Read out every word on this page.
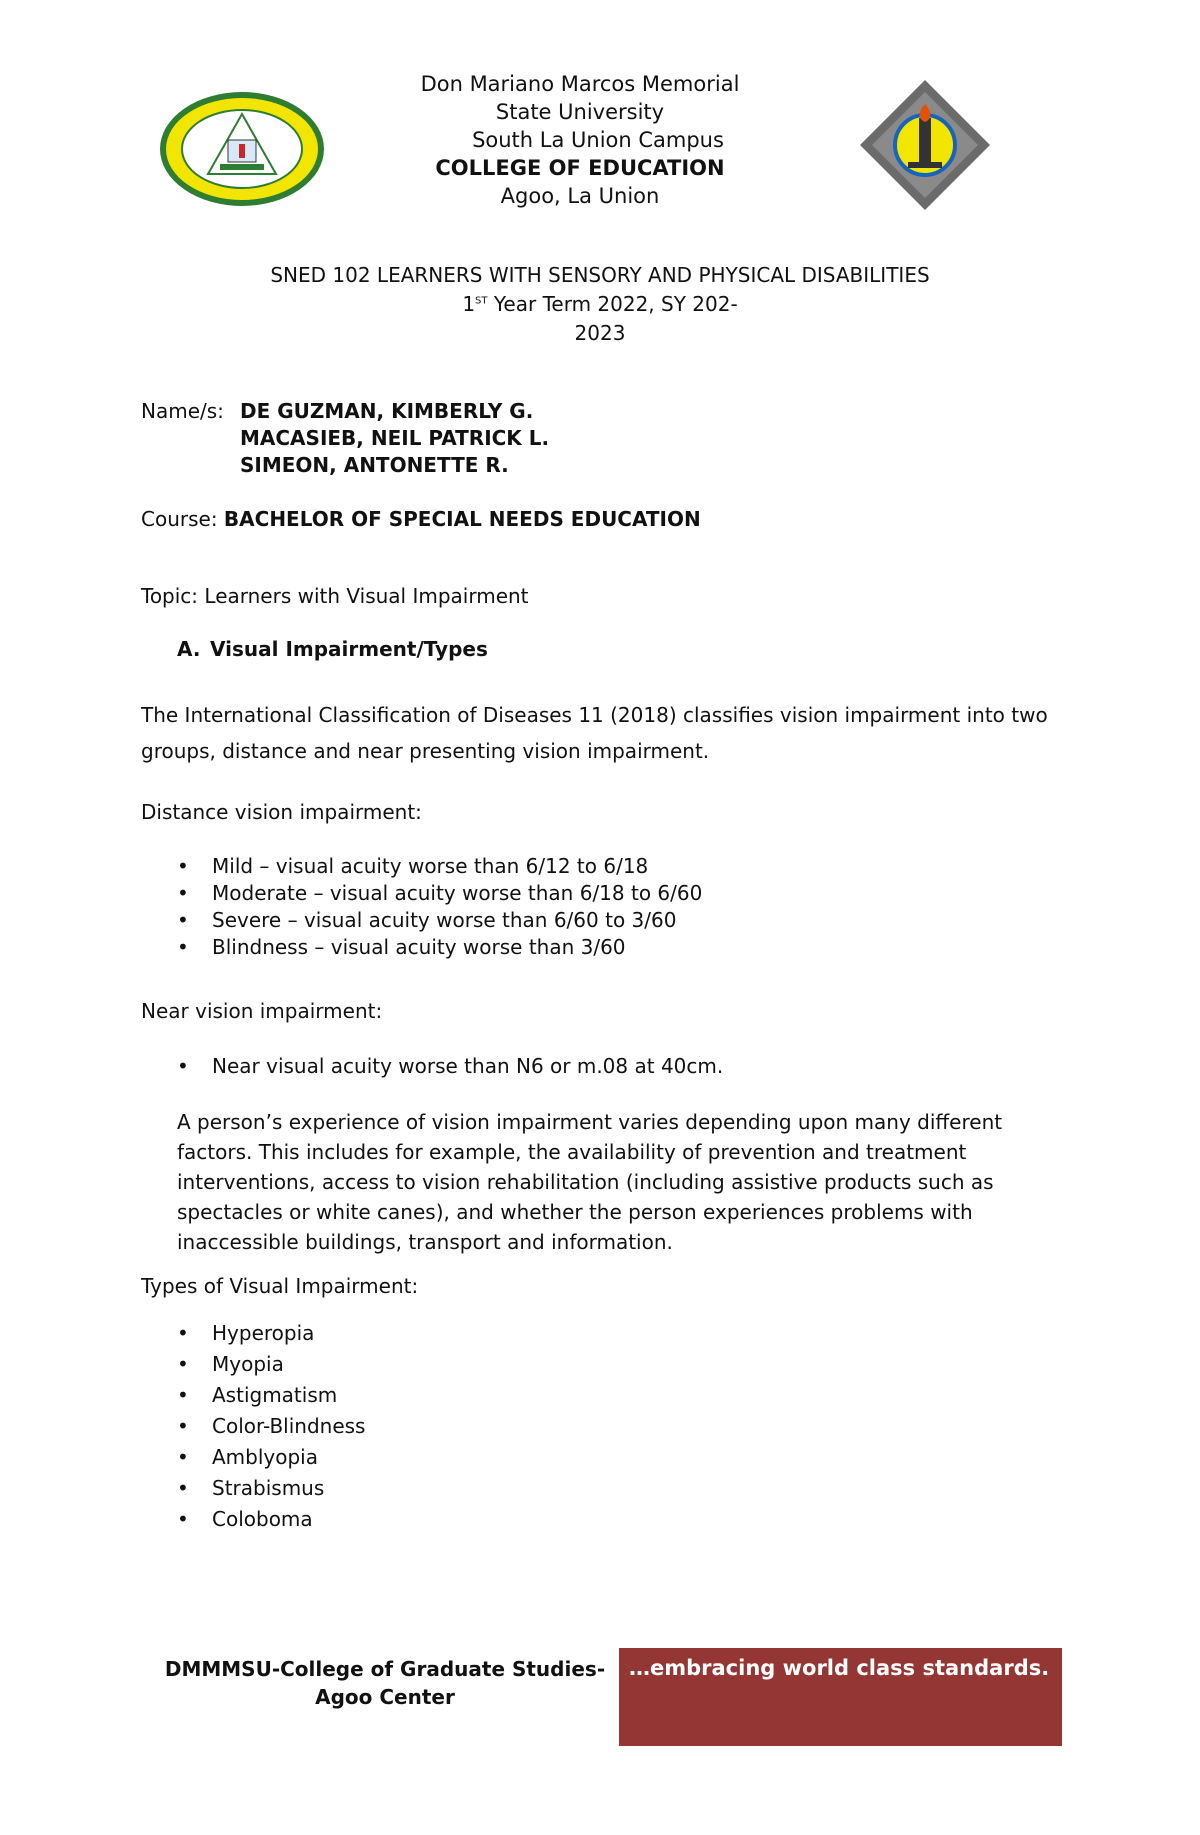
Don Mariano Marcos Memorial
State University
South La Union Campus
COLLEGE OF EDUCATION
Agoo, La Union
SNED 102 LEARNERS WITH SENSORY AND PHYSICAL DISABILITIES
1ST Year Term 2022, SY 202-
2023
Name/s: DE GUZMAN, KIMBERLY G.
MACASIEB, NEIL PATRICK L.
SIMEON, ANTONETTE R.
Course: BACHELOR OF SPECIAL NEEDS EDUCATION
Topic: Learners with Visual Impairment
A. Visual Impairment/Types
The International Classification of Diseases 11 (2018) classifies vision impairment into two groups, distance and near presenting vision impairment.
Distance vision impairment:
• Mild – visual acuity worse than 6/12 to 6/18
• Moderate – visual acuity worse than 6/18 to 6/60
• Severe – visual acuity worse than 6/60 to 3/60
• Blindness – visual acuity worse than 3/60
Near vision impairment:
• Near visual acuity worse than N6 or m.08 at 40cm.
A person’s experience of vision impairment varies depending upon many different factors. This includes for example, the availability of prevention and treatment interventions, access to vision rehabilitation (including assistive products such as spectacles or white canes), and whether the person experiences problems with inaccessible buildings, transport and information.
Types of Visual Impairment:
• Hyperopia
• Myopia
• Astigmatism
• Color-Blindness
• Amblyopia
• Strabismus
• Coloboma
DMMMSU-College of Graduate Studies-
Agoo Center
…embracing world class standards.
